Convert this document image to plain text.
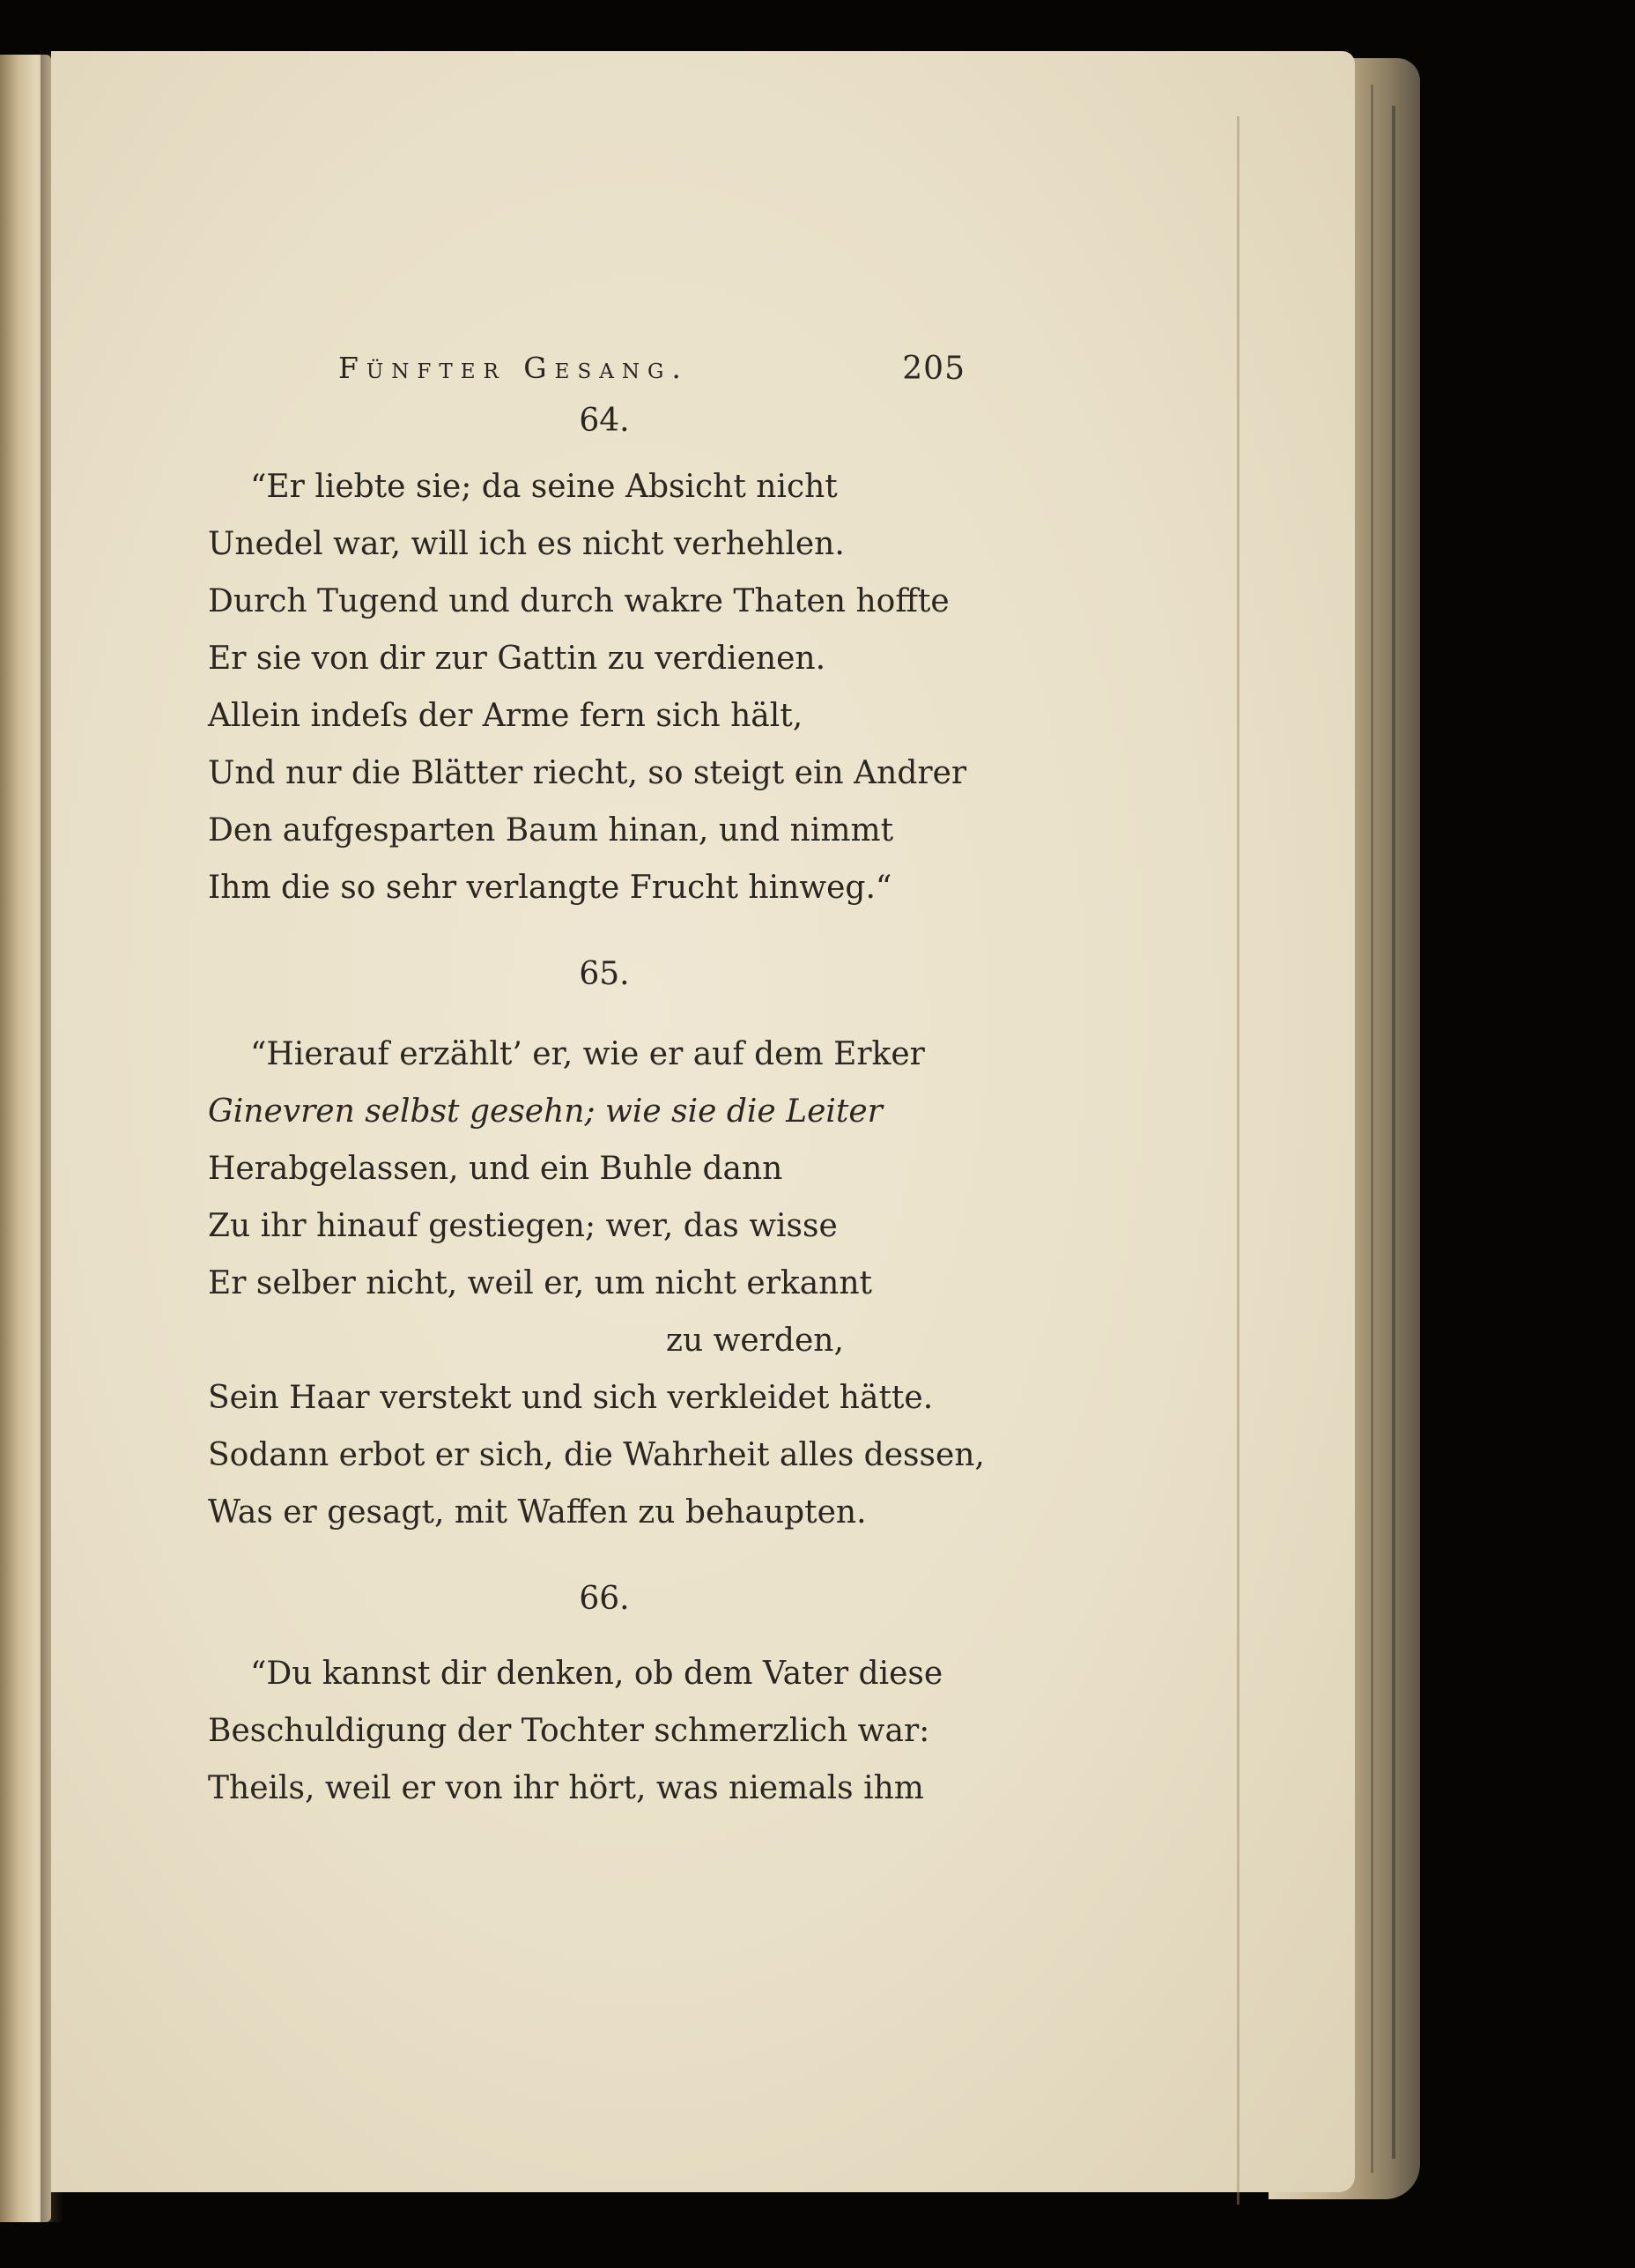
Fünfter Gesang.	205
64.
“Er liebte sie; da seine Absicht nicht
Unedel war, will ich es nicht verhehlen.
Durch Tugend und durch wakre Thaten hoffte
Er sie von dir zur Gattin zu verdienen.
Allein indeſs der Arme fern sich hält,
Und nur die Blätter riecht, so steigt ein Andrer
Den aufgesparten Baum hinan, und nimmt
Ihm die so sehr verlangte Frucht hinweg.“
65.
“Hierauf erzählt’ er, wie er auf dem Erker
Ginevren selbst gesehn; wie sie die Leiter
Herabgelassen, und ein Buhle dann
Zu ihr hinauf gestiegen; wer, das wisse
Er selber nicht, weil er, um nicht erkannt
zu werden,
Sein Haar verstekt und sich verkleidet hätte.
Sodann erbot er sich, die Wahrheit alles dessen,
Was er gesagt, mit Waffen zu behaupten.
66.
“Du kannst dir denken, ob dem Vater diese
Beschuldigung der Tochter schmerzlich war:
Theils, weil er von ihr hört, was niemals ihm
